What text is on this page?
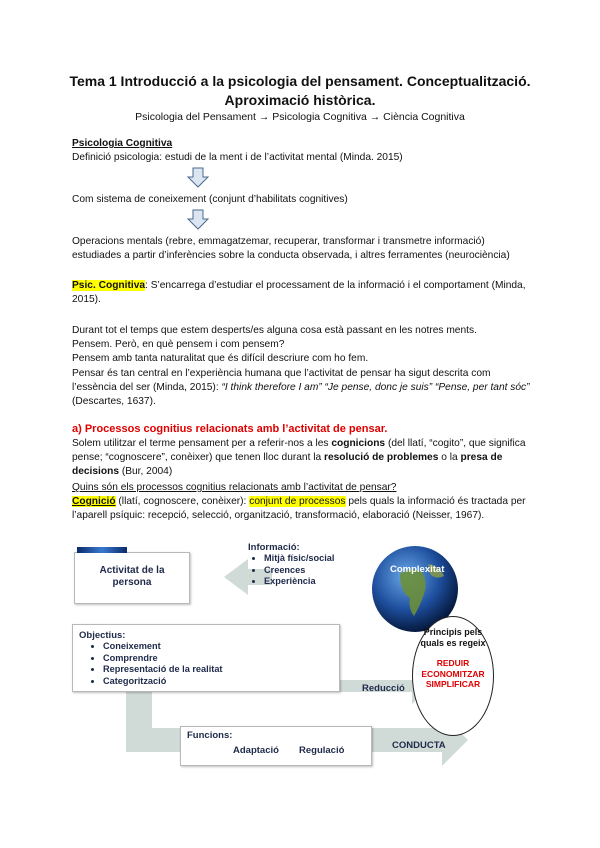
Tema 1 Introducció a la psicologia del pensament. Conceptualització.
Aproximació històrica.
Psicologia del Pensament → Psicologia Cognitiva → Ciència Cognitiva
Psicologia Cognitiva
Definició psicologia: estudi de la ment i de l’activitat mental (Minda. 2015)
Com sistema de coneixement (conjunt d’habilitats cognitives)
Operacions mentals (rebre, emmagatzemar, recuperar, transformar i transmetre informació) estudiades a partir d’inferències sobre la conducta observada, i altres ferramentes (neurociència)
Psic. Cognitiva: S’encarrega d’estudiar el processament de la informació i el comportament (Minda, 2015).
Durant tot el temps que estem desperts/es alguna cosa està passant en les notres ments.
Pensem. Però, en què pensem i com pensem?
Pensem amb tanta naturalitat que és difícil descriure com ho fem.
Pensar és tan central en l’experiència humana que l’activitat de pensar ha sigut descrita com l’essència del ser (Minda, 2015): “I think therefore I am” “Je pense, donc je suis” “Pense, per tant sóc” (Descartes, 1637).
a) Processos cognitius relacionats amb l’activitat de pensar.
Solem utilitzar el terme pensament per a referir-nos a les cognicions (del llatí, “cogito”, que significa pense; “cognoscere”, conèixer) que tenen lloc durant la resolució de problemes o la presa de decisions (Bur, 2004)
Quins són els processos cognitius relacionats amb l’activitat de pensar?
Cognició (llatí, cognoscere, conèixer): conjunt de processos pels quals la informació és tractada per l’aparell psíquic: recepció, selecció, organització, transformació, elaboració (Neisser, 1967).
Activitat de la persona
Informació:
• Mitjà físic/social
• Creences
• Experiència
Complexitat
Objectius:
• Coneixement
• Comprendre
• Representació de la realitat
• Categorització
Principis pels quals es regeix
REDUIR ECONOMITZAR SIMPLIFICAR
Reducció
Funcions:
Adaptació Regulació	CONDUCTA
